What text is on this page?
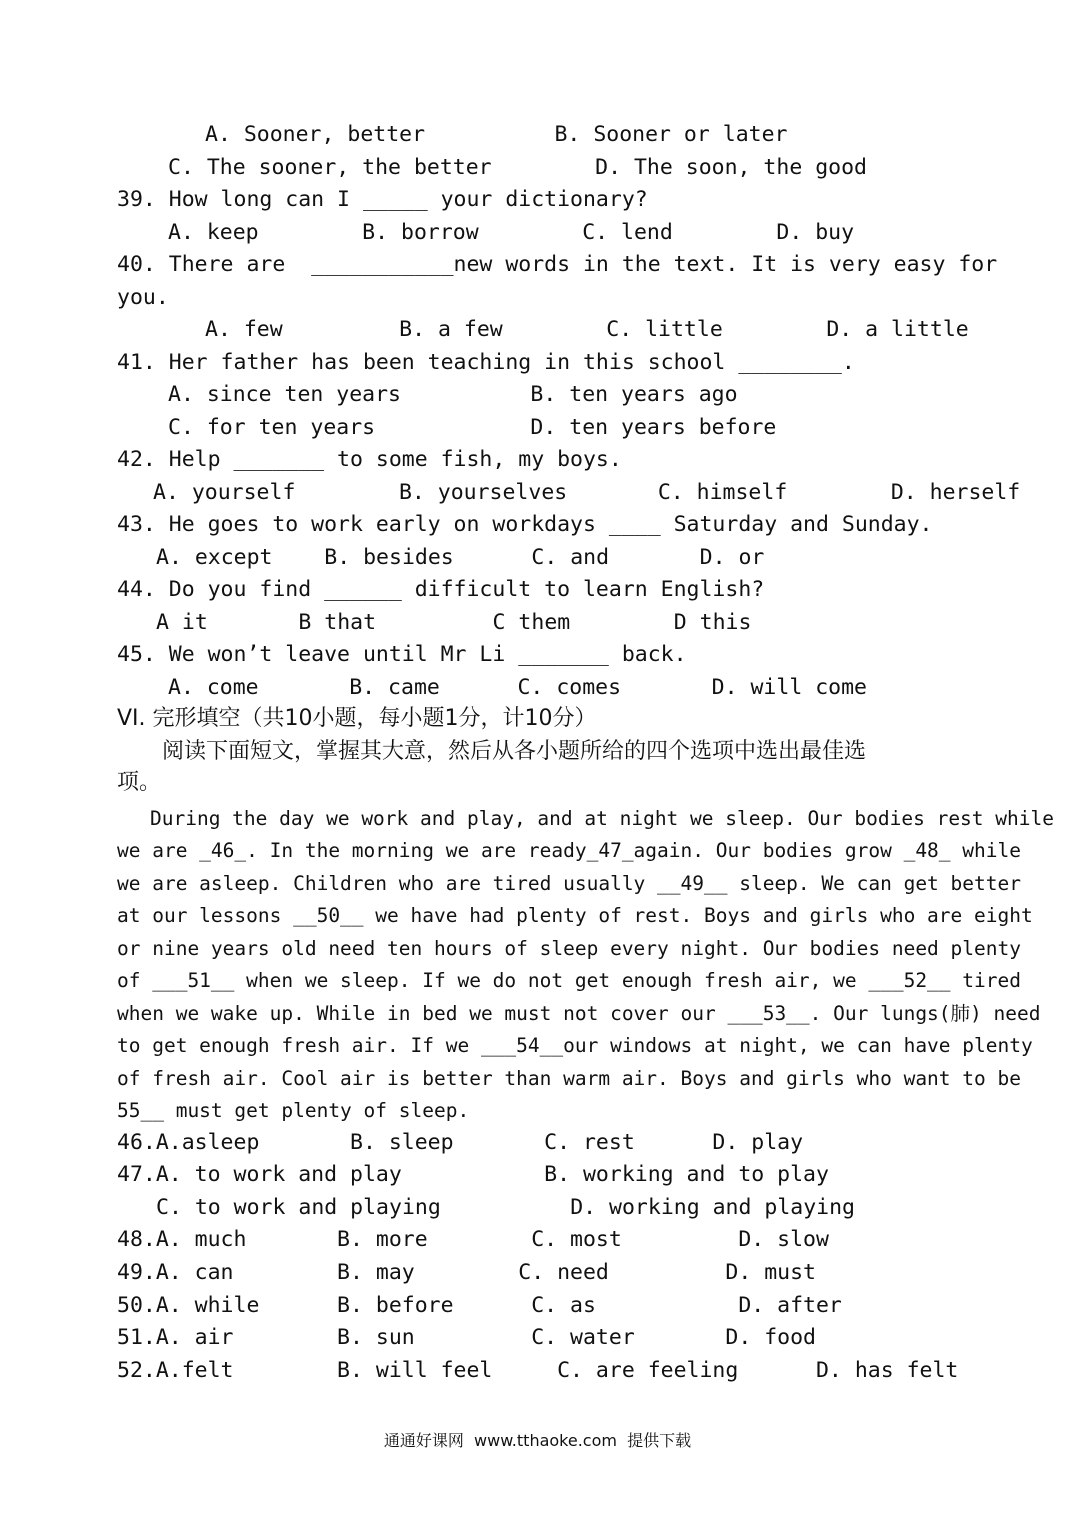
A. Sooner, better          B. Sooner or later
C. The sooner, the better        D. The soon, the good
39. How long can I _____ your dictionary?
A. keep        B. borrow        C. lend        D. buy
40. There are  ___________new words in the text. It is very easy for
you.
A. few         B. a few        C. little        D. a little
41. Her father has been teaching in this school ________.
A. since ten years          B. ten years ago
C. for ten years            D. ten years before
42. Help _______ to some fish, my boys.
A. yourself        B. yourselves       C. himself        D. herself
43. He goes to work early on workdays ____ Saturday and Sunday.
A. except    B. besides      C. and       D. or
44. Do you find ______ difficult to learn English?
A it       B that         C them        D this
45. We won’t leave until Mr Li _______ back.
A. come       B. came      C. comes       D. will come
VI. 完形填空（共10小题，每小题1分，计10分）
阅读下面短文，掌握其大意，然后从各小题所给的四个选项中选出最佳选
项。
During the day we work and play, and at night we sleep. Our bodies rest while
we are _46_. In the morning we are ready_47_again. Our bodies grow _48_ while
we are asleep. Children who are tired usually __49__ sleep. We can get better
at our lessons __50__ we have had plenty of rest. Boys and girls who are eight
or nine years old need ten hours of sleep every night. Our bodies need plenty
of ___51__ when we sleep. If we do not get enough fresh air, we ___52__ tired
when we wake up. While in bed we must not cover our ___53__. Our lungs(肺) need
to get enough fresh air. If we ___54__our windows at night, we can have plenty
of fresh air. Cool air is better than warm air. Boys and girls who want to be
55__ must get plenty of sleep.
46.A.asleep       B. sleep       C. rest      D. play
47.A. to work and play           B. working and to play
C. to work and playing          D. working and playing
48.A. much       B. more        C. most         D. slow
49.A. can        B. may        C. need         D. must
50.A. while      B. before      C. as           D. after
51.A. air        B. sun         C. water       D. food
52.A.felt        B. will feel     C. are feeling      D. has felt
通通好课网  www.tthaoke.com  提供下载
